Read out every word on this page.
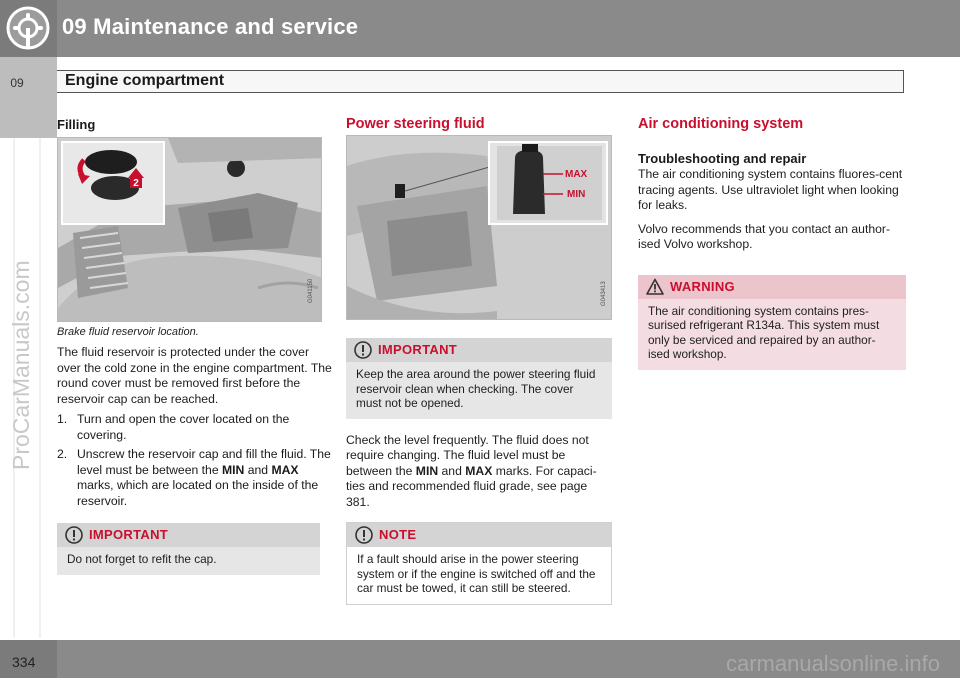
09 Maintenance and service
09
ProCarManuals.com
Engine compartment
Filling
2
G041150
Brake fluid reservoir location.

The fluid reservoir is protected under the cover over the cold zone in the engine compartment. The round cover must be removed first before the reservoir cap can be reached.

1. Turn and open the cover located on the covering.
2. Unscrew the reservoir cap and fill the fluid. The level must be between the MIN and MAX marks, which are located on the inside of the reservoir.
IMPORTANT
Do not forget to refit the cap.
Power steering fluid
MAX
MIN
G043413
IMPORTANT
Keep the area around the power steering fluid reservoir clean when checking. The cover must not be opened.

Check the level frequently. The fluid does not require changing. The fluid level must be between the MIN and MAX marks. For capaci-ties and recommended fluid grade, see page 381.

NOTE
If a fault should arise in the power steering system or if the engine is switched off and the car must be towed, it can still be steered.
Air conditioning system
Troubleshooting and repair

The air conditioning system contains fluores-cent tracing agents. Use ultraviolet light when looking for leaks.

Volvo recommends that you contact an author-ised Volvo workshop.

WARNING
The air conditioning system contains pres-surised refrigerant R134a. This system must only be serviced and repaired by an author-ised workshop.
334	carmanualsonline.info
